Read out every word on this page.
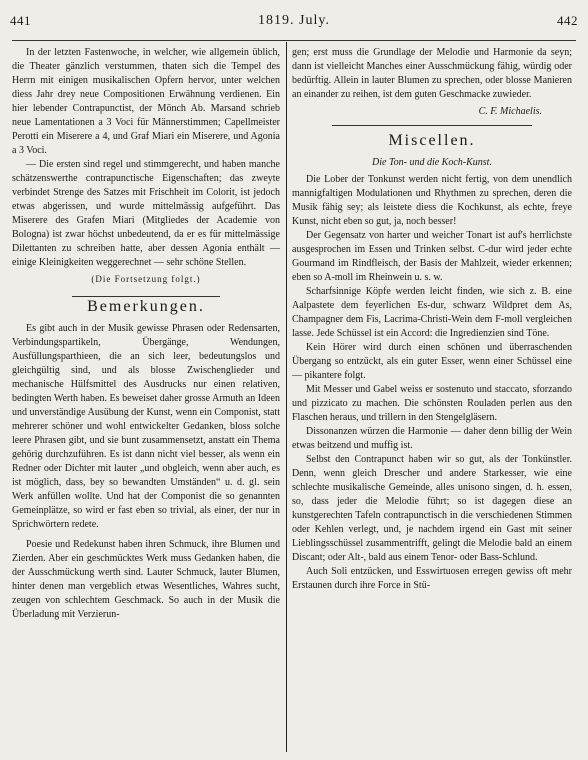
441	1819. July.	442

In der letzten Fastenwoche, in welcher, wie allgemein üblich, die Theater gänzlich verstummen, thaten sich die Tempel des Herrn mit einigen musikalischen Opfern hervor, unter welchen diess Jahr drey neue Compositionen Erwähnung verdienen. Ein hier lebender Contrapunctist, der Mönch Ab. Marsand schrieb neue Lamentationen a 3 Voci für Männerstimmen; Capellmeister Perotti ein Miserere a 4, und Graf Miari ein Miserere, und Agonia a 3 Voci.

— Die ersten sind regel und stimmgerecht, und haben manche schätzenswerthe contrapunctische Eigenschaften; das zweyte verbindet Strenge des Satzes mit Frischheit im Colorit, ist jedoch etwas abgerissen, und wurde mittelmässig aufgeführt. Das Miserere des Grafen Miari (Mitgliedes der Academie von Bologna) ist zwar höchst unbedeutend, da er es für mittelmässige Dilettanten zu schreiben hatte, aber dessen Agonia enthält — einige Kleinigkeiten weggerechnet — sehr schöne Stellen.

(Die Fortsetzung folgt.)
Bemerkungen.

Es gibt auch in der Musik gewisse Phrasen oder Redensarten, Verbindungspartikeln, Übergänge, Wendungen, Ausfüllungsparthieen, die an sich leer, bedeutungslos und gleichgültig sind, und als blosse Zwischenglieder und mechanische Hülfsmittel des Ausdrucks nur einen relativen, bedingten Werth haben. Es beweiset daher grosse Armuth an Ideen und unverständige Ausübung der Kunst, wenn ein Componist, statt mehrerer schöner und wohl entwickelter Gedanken, bloss solche leere Phrasen gibt, und sie bunt zusammensetzt, anstatt ein Thema gehörig durchzuführen. Es ist dann nicht viel besser, als wenn ein Redner oder Dichter mit lauter „und obgleich, wenn aber auch, es ist möglich, dass, bey so bewandten Umständen“ u. d. gl. sein Werk anfüllen wollte. Und hat der Componist die so genannten Gemeinplätze, so wird er fast eben so trivial, als einer, der nur in Sprichwörtern redete.

Poesie und Redekunst haben ihren Schmuck, ihre Blumen und Zierden. Aber ein geschmücktes Werk muss Gedanken haben, die der Ausschmückung werth sind. Lauter Schmuck, lauter Blumen, hinter denen man vergeblich etwas Wesentliches, Wahres sucht, zeugen von schlechtem Geschmack. So auch in der Musik die Überladung mit Verzierun-

gen; erst muss die Grundlage der Melodie und Harmonie da seyn; dann ist vielleicht Manches einer Ausschmückung fähig, würdig oder bedürftig. Allein in lauter Blumen zu sprechen, oder blosse Manieren an einander zu reihen, ist dem guten Geschmacke zuwieder.

C. F. Michaelis.
Miscellen.
Die Ton- und die Koch-Kunst.

Die Lober der Tonkunst werden nicht fertig, von dem unendlich mannigfaltigen Modulationen und Rhythmen zu sprechen, deren die Musik fähig sey; als leistete diess die Kochkunst, als echte, freye Kunst, nicht eben so gut, ja, noch besser!

Der Gegensatz von harter und weicher Tonart ist auf's herrlichste ausgesprochen im Essen und Trinken selbst. C-dur wird jeder echte Gourmand im Rindfleisch, der Basis der Mahlzeit, wieder erkennen; eben so A-moll im Rheinwein u. s. w.

Scharfsinnige Köpfe werden leicht finden, wie sich z. B. eine Aalpastete dem feyerlichen Es-dur, schwarz Wildpret dem As, Champagner dem Fis, Lacrima-Christi-Wein dem F-moll vergleichen lasse. Jede Schüssel ist ein Accord: die Ingredienzien sind Töne.

Kein Hörer wird durch einen schönen und überraschenden Übergang so entzückt, als ein guter Esser, wenn einer Schüssel eine — pikantere folgt.

Mit Messer und Gabel weiss er sostenuto und staccato, sforzando und pizzicato zu machen. Die schönsten Rouladen perlen aus den Flaschen heraus, und trillern in den Stengelgläsern.

Dissonanzen würzen die Harmonie — daher denn billig der Wein etwas beitzend und muffig ist.

Selbst den Contrapunct haben wir so gut, als der Tonkünstler. Denn, wenn gleich Drescher und andere Starkesser, wie eine schlechte musikalische Gemeinde, alles unisono singen, d. h. essen, so, dass jeder die Melodie führt; so ist dagegen diese an kunstgerechten Tafeln contrapunctisch in die verschiedenen Stimmen oder Kehlen verlegt, und, je nachdem irgend ein Gast mit seiner Lieblingsschüssel zusammentrifft, gelingt die Melodie bald an einem Discant; oder Alt-, bald aus einem Tenor- oder Bass-Schlund.

Auch Soli entzücken, und Esswirtuosen erregen gewiss oft mehr Erstaunen durch ihre Force in Stü-
